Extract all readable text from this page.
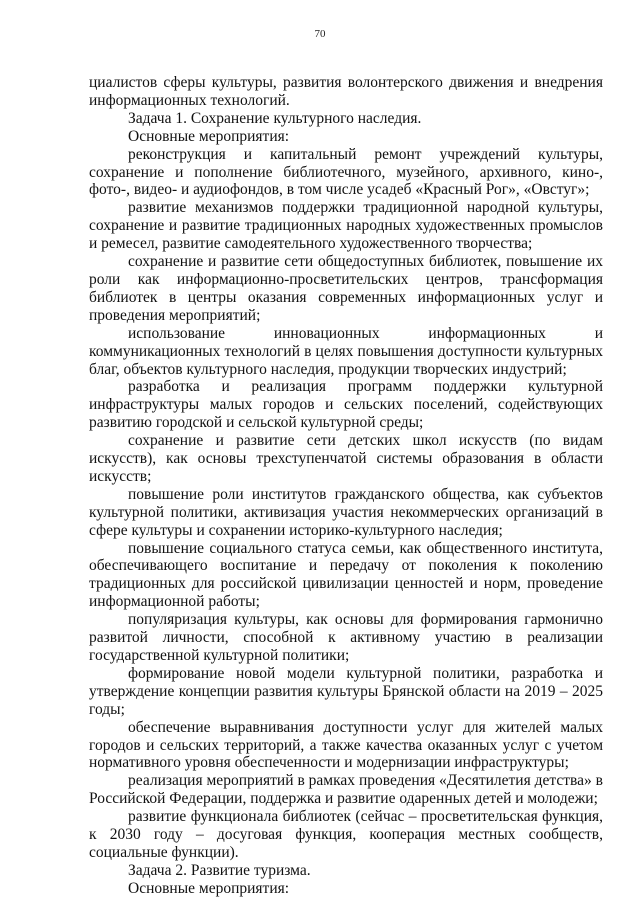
70

циалистов сферы культуры, развития волонтерского движения и внедрения информационных технологий.

Задача 1. Сохранение культурного наследия.

Основные мероприятия:

реконструкция и капитальный ремонт учреждений культуры, сохранение и пополнение библиотечного, музейного, архивного, кино-, фото-, видео- и аудиофондов, в том числе усадеб «Красный Рог», «Овстуг»;

развитие механизмов поддержки традиционной народной культуры, сохранение и развитие традиционных народных художественных промыслов и ремесел, развитие самодеятельного художественного творчества;

сохранение и развитие сети общедоступных библиотек, повышение их роли как информационно-просветительских центров, трансформация библиотек в центры оказания современных информационных услуг и проведения мероприятий;

использование инновационных информационных и коммуникационных технологий в целях повышения доступности культурных благ, объектов культурного наследия, продукции творческих индустрий;

разработка и реализация программ поддержки культурной инфраструктуры малых городов и сельских поселений, содействующих развитию городской и сельской культурной среды;

сохранение и развитие сети детских школ искусств (по видам искусств), как основы трехступенчатой системы образования в области искусств;

повышение роли институтов гражданского общества, как субъектов культурной политики, активизация участия некоммерческих организаций в сфере культуры и сохранении историко-культурного наследия;

повышение социального статуса семьи, как общественного института, обеспечивающего воспитание и передачу от поколения к поколению традиционных для российской цивилизации ценностей и норм, проведение информационной работы;

популяризация культуры, как основы для формирования гармонично развитой личности, способной к активному участию в реализации государственной культурной политики;

формирование новой модели культурной политики, разработка и утверждение концепции развития культуры Брянской области на 2019 – 2025 годы;

обеспечение выравнивания доступности услуг для жителей малых городов и сельских территорий, а также качества оказанных услуг с учетом нормативного уровня обеспеченности и модернизации инфраструктуры;

реализация мероприятий в рамках проведения «Десятилетия детства» в Российской Федерации, поддержка и развитие одаренных детей и молодежи;

развитие функционала библиотек (сейчас – просветительская функция, к 2030 году – досуговая функция, кооперация местных сообществ, социальные функции).

Задача 2. Развитие туризма.

Основные мероприятия:
